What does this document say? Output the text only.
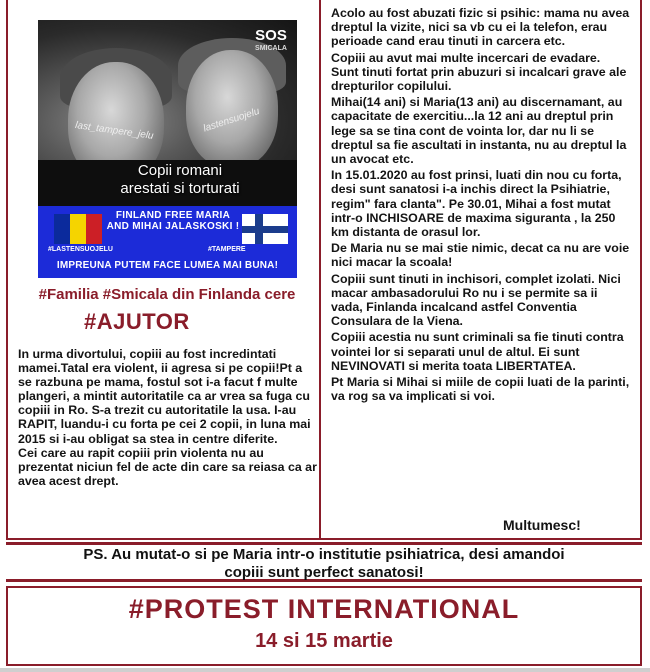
SOS
SMICALA
last_tampere_jelu	lastensuojelu
Copii romani
arestati si torturati
FINLAND FREE MARIA AND MIHAI JALASKOSKI !
#LASTENSUOJELU	#TAMPERE
IMPREUNA PUTEM FACE LUMEA MAI BUNA!
#Familia #Smicala din Finlanda cere
#AJUTOR

In urma divortului, copiii au fost incredintati mamei.Tatal era violent, ii agresa si pe copii!Pt a se razbuna pe mama, fostul sot i-a facut f multe plangeri, a mintit autoritatile ca ar vrea sa fuga cu copiii in Ro. S-a trezit cu autoritatile la usa. I-au RAPIT, luandu-i cu forta pe cei 2 copii, in luna mai 2015 si i-au obligat sa stea in centre diferite.

Cei care au rapit copiii prin violenta nu au prezentat niciun fel de acte din care sa reiasa ca ar avea acest drept.

Acolo au fost abuzati fizic si psihic: mama nu avea dreptul la vizite, nici sa vb cu ei la telefon, erau perioade cand erau tinuti in carcera etc.

Copiii au avut mai multe incercari de evadare. Sunt tinuti fortat prin abuzuri si incalcari grave ale drepturilor copilului.

Mihai(14 ani) si Maria(13 ani) au discernamant, au capacitate de exercitiu...la 12 ani au dreptul prin lege sa se tina cont de vointa lor, dar nu li se dreptul sa fie ascultati in instanta, nu au dreptul la un avocat etc.

In 15.01.2020 au fost prinsi, luati din nou cu forta, desi sunt sanatosi i-a inchis direct la Psihiatrie, regim" fara clanta". Pe 30.01, Mihai a fost mutat intr-o INCHISOARE de maxima siguranta , la 250 km distanta de orasul lor.

De Maria nu se mai stie nimic, decat ca nu are voie nici macar la scoala!

Copiii sunt tinuti in inchisori, complet izolati. Nici macar ambasadorului Ro nu i se permite sa ii vada, Finlanda incalcand astfel Conventia Consulara de la Viena.

Copiii acestia nu sunt criminali sa fie tinuti contra vointei lor si separati unul de altul. Ei sunt NEVINOVATI si merita toata LIBERTATEA.

Pt Maria si Mihai si miile de copii luati de la parinti, va rog sa va implicati si voi.

Multumesc!
PS. Au mutat-o si pe Maria intr-o institutie psihiatrica, desi amandoi
copiii sunt perfect sanatosi!
#PROTEST INTERNATIONAL
14 si 15 martie
